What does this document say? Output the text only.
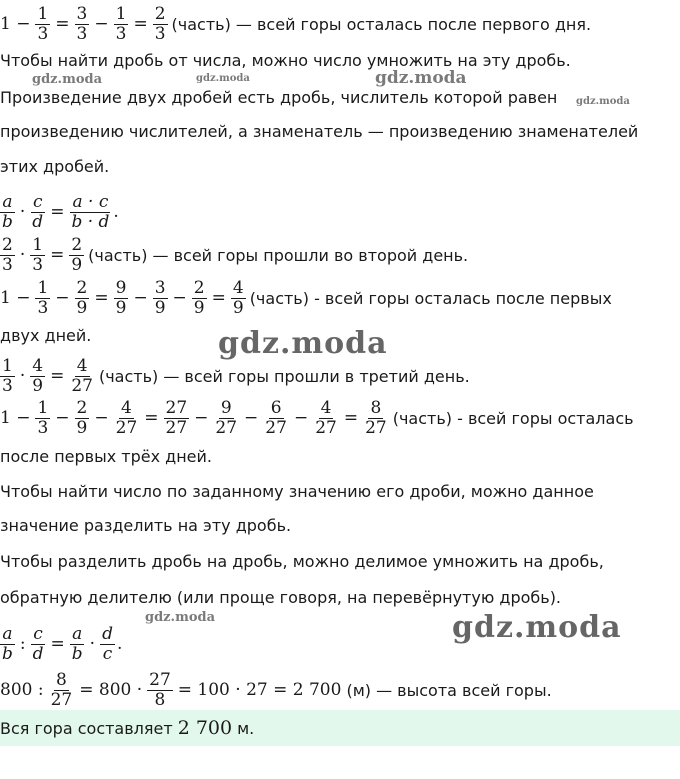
gdz.moda	gdz.moda	gdz.moda
gdz.moda
gdz.moda
gdz.moda	gdz.moda
$1 - \frac{1}{3} = \frac{3}{3} - \frac{1}{3} = \frac{2}{3}$ (часть) — всей горы осталась после первого дня.
Чтобы найти дробь от числа, можно число умножить на эту дробь.
Произведение двух дробей есть дробь, числитель которой равен
произведению числителей, а знаменатель — произведению знаменателей
этих дробей.
a
$b \cdot \frac{c}{d} = \frac{a \cdot c}{b \cdot d}$ .
2
$3 \cdot \frac{1}{3} = \frac{2}{9}$ (часть) — всей горы прошли во второй день.
$1 - \frac{1}{3} - \frac{2}{9} = \frac{9}{9} - \frac{3}{9} - \frac{2}{9} = \frac{4}{9}$ (часть) - всей горы осталась после первых
двух дней.
1
$3 \cdot \frac{4}{9} = \frac{4}{27}$ (часть) — всей горы прошли в третий день.
$1 - \frac{1}{3} - \frac{2}{9} - \frac{4}{27} = \frac{27}{27} - \frac{9}{27} - \frac{6}{27} - \frac{4}{27} = \frac{8}{27}$ (часть) - всей горы осталась
после первых трёх дней.
Чтобы найти число по заданному значению его дроби, можно данное
значение разделить на эту дробь.
Чтобы разделить дробь на дробь, можно делимое умножить на дробь,
обратную делителю (или проще говоря, на перевёрнутую дробь).
a
b : $\frac{c}{d} = \frac{a}{b}$ ·
d
c .
800 : $\frac{8}{27} = 800 \cdot \frac{27}{8} = 100 \cdot 27 = 2$ 700 (м) — высота всей горы.
Вся гора составляет 2 700 м.
